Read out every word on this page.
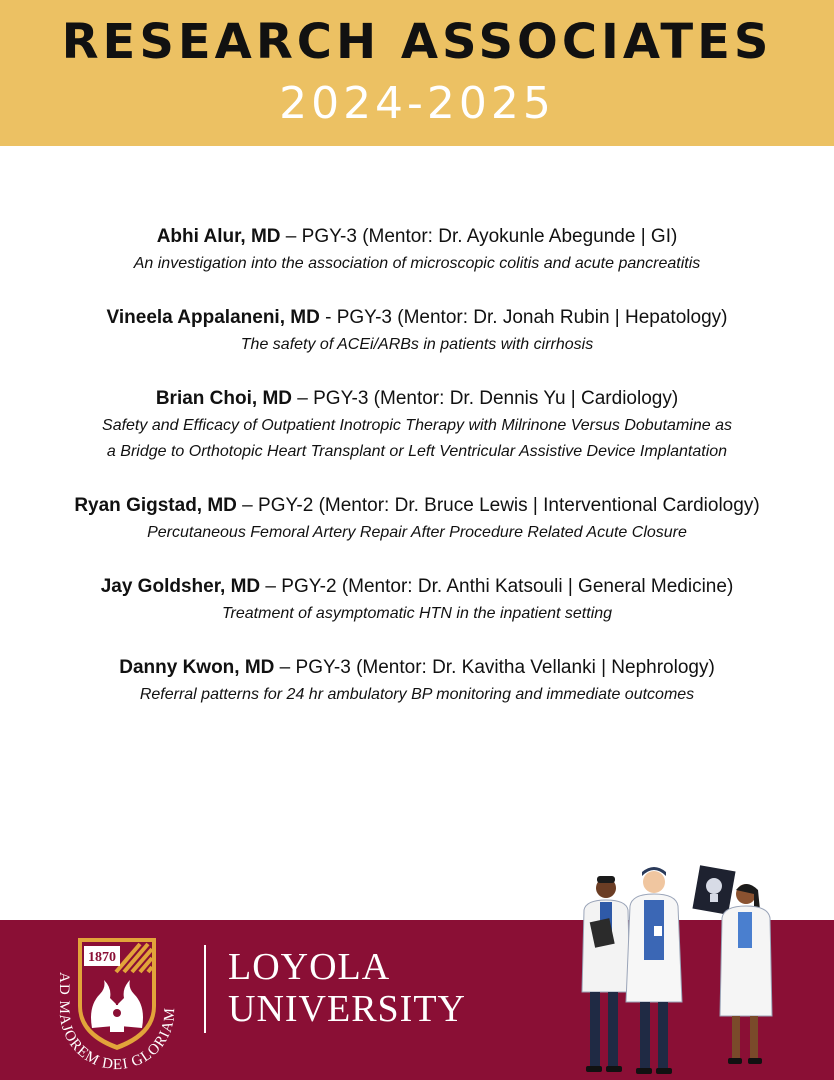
RESEARCH ASSOCIATES
2024-2025
Abhi Alur, MD – PGY-3 (Mentor: Dr. Ayokunle Abegunde | GI)
An investigation into the association of microscopic colitis and acute pancreatitis
Vineela Appalaneni, MD - PGY-3 (Mentor: Dr. Jonah Rubin | Hepatology)
The safety of ACEi/ARBs in patients with cirrhosis
Brian Choi, MD – PGY-3 (Mentor: Dr. Dennis Yu | Cardiology)
Safety and Efficacy of Outpatient Inotropic Therapy with Milrinone Versus Dobutamine as
a Bridge to Orthotopic Heart Transplant or Left Ventricular Assistive Device Implantation
Ryan Gigstad, MD – PGY-2 (Mentor: Dr. Bruce Lewis | Interventional Cardiology)
Percutaneous Femoral Artery Repair After Procedure Related Acute Closure
Jay Goldsher, MD – PGY-2 (Mentor: Dr. Anthi Katsouli | General Medicine)
Treatment of asymptomatic HTN in the inpatient setting
Danny Kwon, MD – PGY-3 (Mentor: Dr. Kavitha Vellanki | Nephrology)
Referral patterns for 24 hr ambulatory BP monitoring and immediate outcomes
AD MAJOREM DEI GLORIAM
1870	LOYOLA
UNIVERSITY
